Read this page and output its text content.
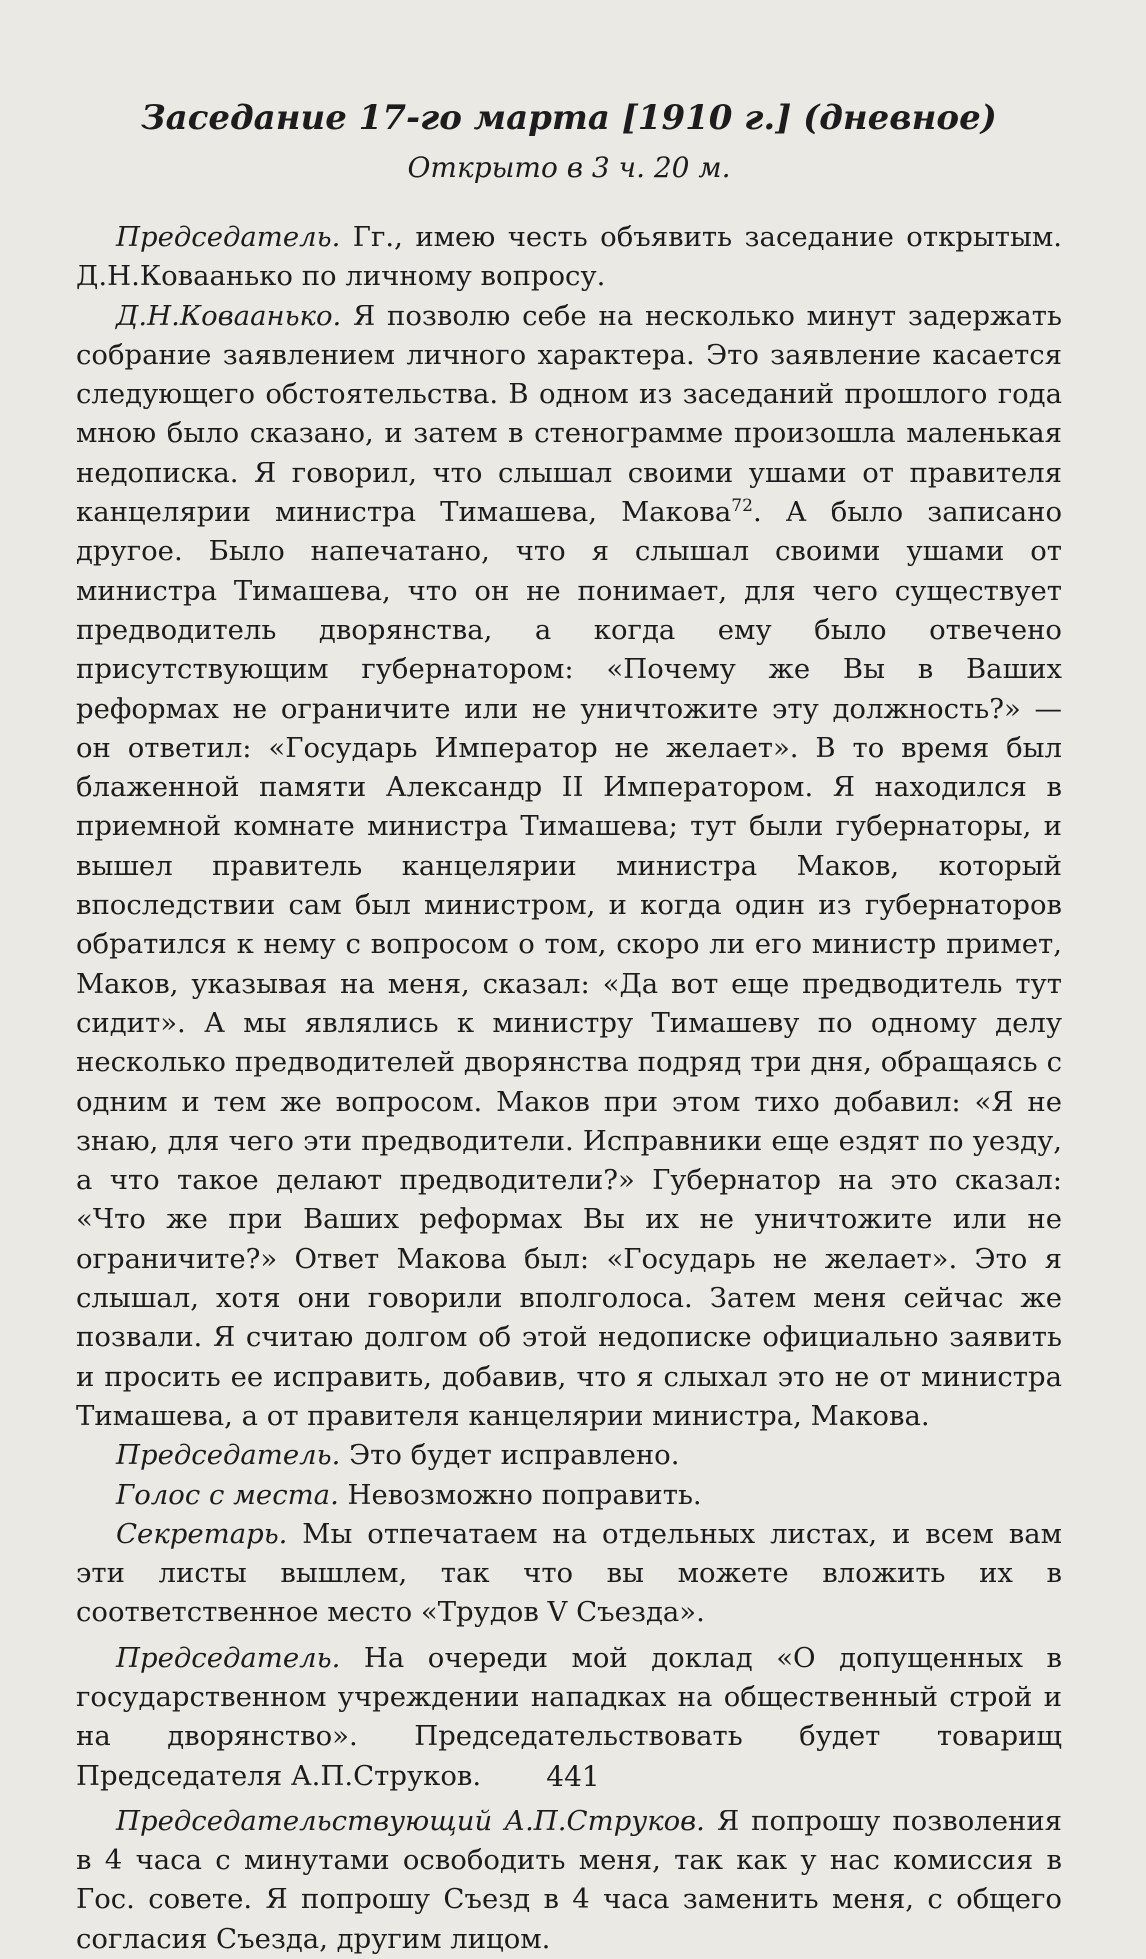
Заседание 17-го марта [1910 г.] (дневное)
Открыто в 3 ч. 20 м.

Председатель. Гг., имею честь объявить заседание открытым. Д.Н.Коваанько по личному вопросу.

Д.Н.Коваанько. Я позволю себе на несколько минут задержать собрание заявлением личного характера. Это заявление касается следующего обстоятельства. В одном из заседаний прошлого года мною было сказано, и затем в стенограмме произошла маленькая недописка. Я говорил, что слышал своими ушами от правителя канцелярии министра Тимашева, Макова$^{72}$. А было записано другое. Было напечатано, что я слышал своими ушами от министра Тимашева, что он не понимает, для чего существует предводитель дворянства, а когда ему было отвечено присутствующим губернатором: «Почему же Вы в Ваших реформах не ограничите или не уничтожите эту должность?» — он ответил: «Государь Император не желает». В то время был блаженной памяти Александр II Императором. Я находился в приемной комнате министра Тимашева; тут были губернаторы, и вышел правитель канцелярии министра Маков, который впоследствии сам был министром, и когда один из губернаторов обратился к нему с вопросом о том, скоро ли его министр примет, Маков, указывая на меня, сказал: «Да вот еще предводитель тут сидит». А мы являлись к министру Тимашеву по одному делу несколько предводителей дворянства подряд три дня, обращаясь с одним и тем же вопросом. Маков при этом тихо добавил: «Я не знаю, для чего эти предводители. Исправники еще ездят по уезду, а что такое делают предводители?» Губернатор на это сказал: «Что же при Ваших реформах Вы их не уничтожите или не ограничите?» Ответ Макова был: «Государь не желает». Это я слышал, хотя они говорили вполголоса. Затем меня сейчас же позвали. Я считаю долгом об этой недописке официально заявить и просить ее исправить, добавив, что я слыхал это не от министра Тимашева, а от правителя канцелярии министра, Макова.

Председатель. Это будет исправлено.

Голос с места. Невозможно поправить.

Секретарь. Мы отпечатаем на отдельных листах, и всем вам эти листы вышлем, так что вы можете вложить их в соответственное место «Трудов V Съезда».

Председатель. На очереди мой доклад «О допущенных в государственном учреждении нападках на общественный строй и на дворянство». Председательствовать будет товарищ Председателя А.П.Струков.

Председательствующий А.П.Струков. Я попрошу позволения в 4 часа с минутами освободить меня, так как у нас комиссия в Гос. совете. Я попрошу Съезд в 4 часа заменить меня, с общего согласия Съезда, другим лицом.

441
